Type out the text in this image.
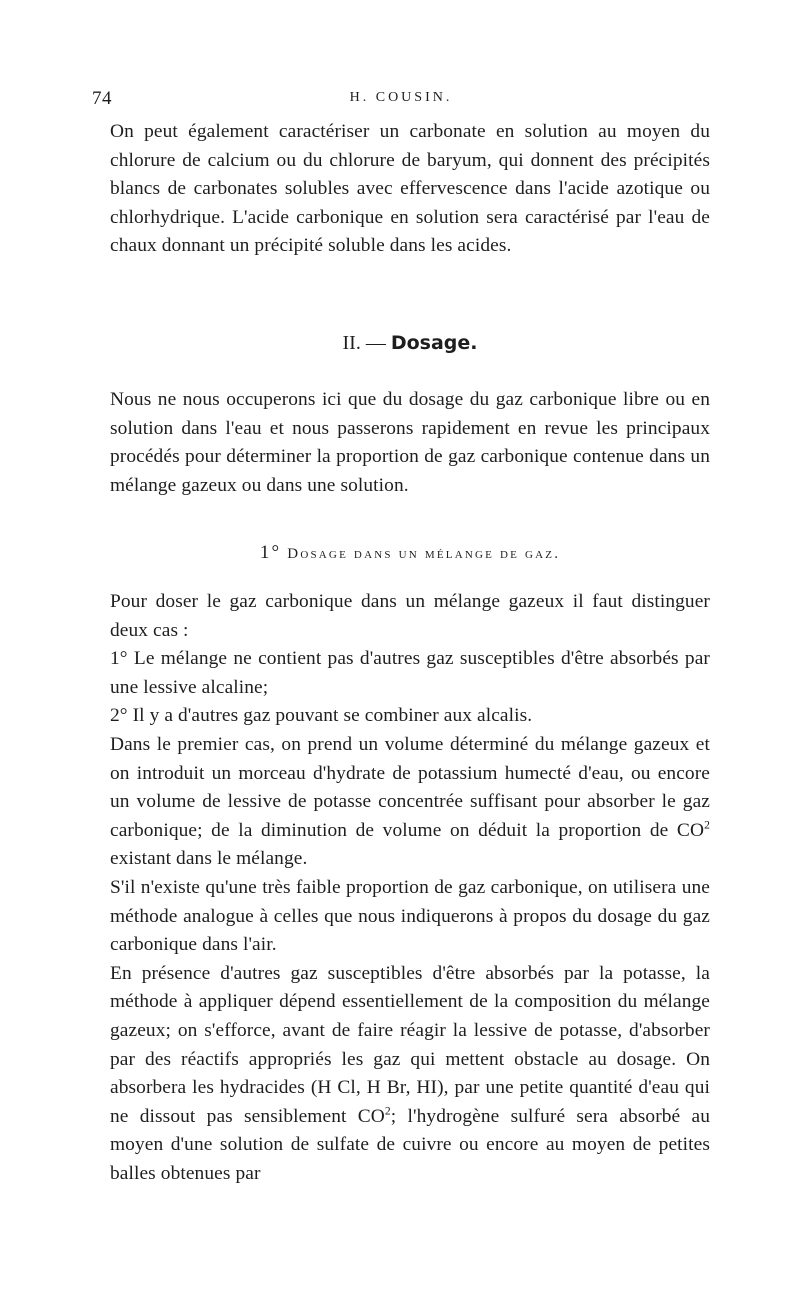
74	H. COUSIN.

On peut également caractériser un carbonate en solution au moyen du chlorure de calcium ou du chlorure de baryum, qui donnent des précipités blancs de carbonates solubles avec effervescence dans l'acide azotique ou chlorhydrique. L'acide carbonique en solution sera caractérisé par l'eau de chaux donnant un précipité soluble dans les acides.

II. — Dosage.

Nous ne nous occuperons ici que du dosage du gaz carbonique libre ou en solution dans l'eau et nous passerons rapidement en revue les principaux procédés pour déterminer la proportion de gaz carbonique contenue dans un mélange gazeux ou dans une solution.

1° Dosage dans un mélange de gaz.

Pour doser le gaz carbonique dans un mélange gazeux il faut distinguer deux cas :

1° Le mélange ne contient pas d'autres gaz susceptibles d'être absorbés par une lessive alcaline;

2° Il y a d'autres gaz pouvant se combiner aux alcalis.

Dans le premier cas, on prend un volume déterminé du mélange gazeux et on introduit un morceau d'hydrate de potassium humecté d'eau, ou encore un volume de lessive de potasse concentrée suffisant pour absorber le gaz carbonique; de la diminution de volume on déduit la proportion de $CO^2$ existant dans le mélange.

S'il n'existe qu'une très faible proportion de gaz carbonique, on utilisera une méthode analogue à celles que nous indiquerons à propos du dosage du gaz carbonique dans l'air.

En présence d'autres gaz susceptibles d'être absorbés par la potasse, la méthode à appliquer dépend essentiellement de la composition du mélange gazeux; on s'efforce, avant de faire réagir la lessive de potasse, d'absorber par des réactifs appropriés les gaz qui mettent obstacle au dosage. On absorbera les hydracides (H Cl, H Br, HI), par une petite quantité d'eau qui ne dissout pas sensiblement $CO^2$; l'hydrogène sulfuré sera absorbé au moyen d'une solution de sulfate de cuivre ou encore au moyen de petites balles obtenues par
